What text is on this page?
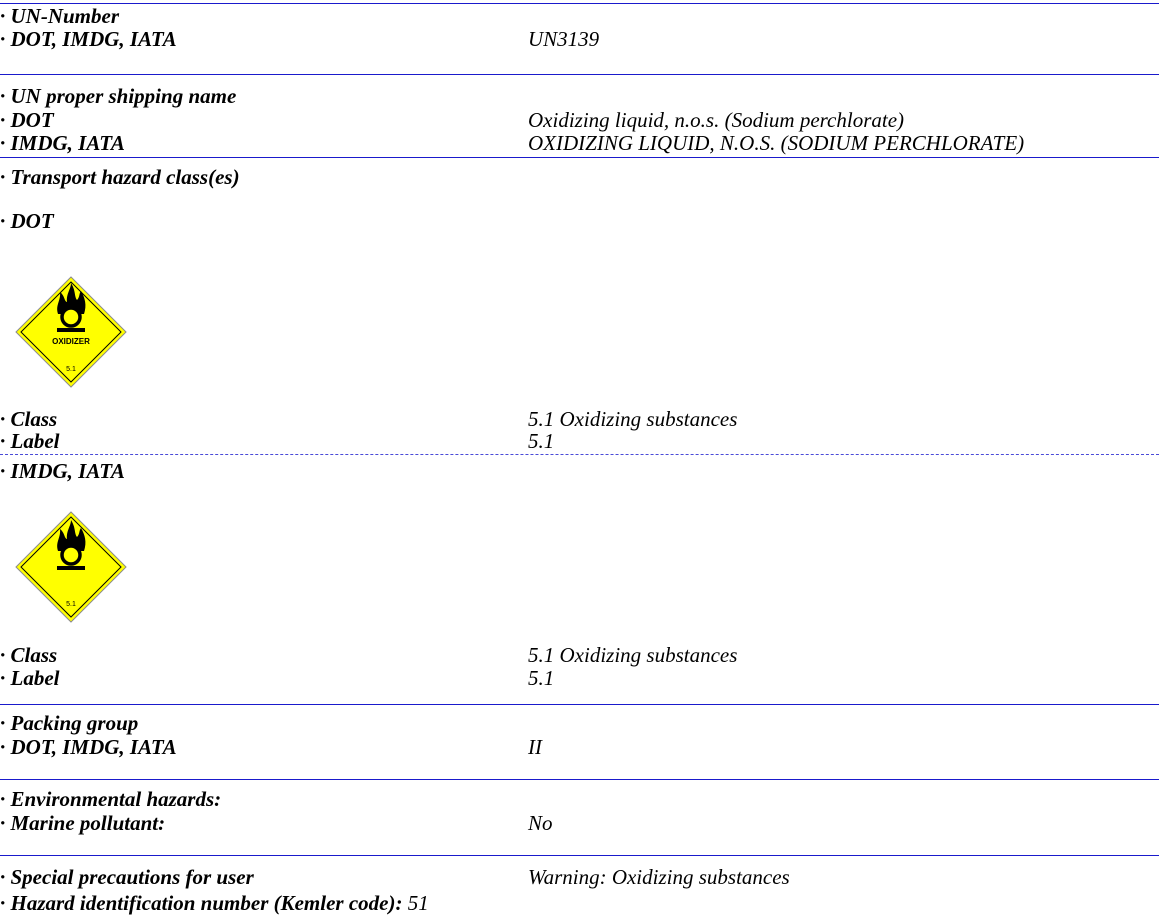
· UN-Number
· DOT, IMDG, IATA	UN3139
· UN proper shipping name
· DOT	Oxidizing liquid, n.o.s. (Sodium perchlorate)
· IMDG, IATA	OXIDIZING LIQUID, N.O.S. (SODIUM PERCHLORATE)
· Transport hazard class(es)
· DOT
OXIDIZER
5.1
· Class	5.1 Oxidizing substances
· Label	5.1
· IMDG, IATA
5.1
· Class	5.1 Oxidizing substances
· Label	5.1
· Packing group
· DOT, IMDG, IATA	II
· Environmental hazards:
· Marine pollutant:	No
· Special precautions for user	Warning: Oxidizing substances
· Hazard identification number (Kemler code): 51
